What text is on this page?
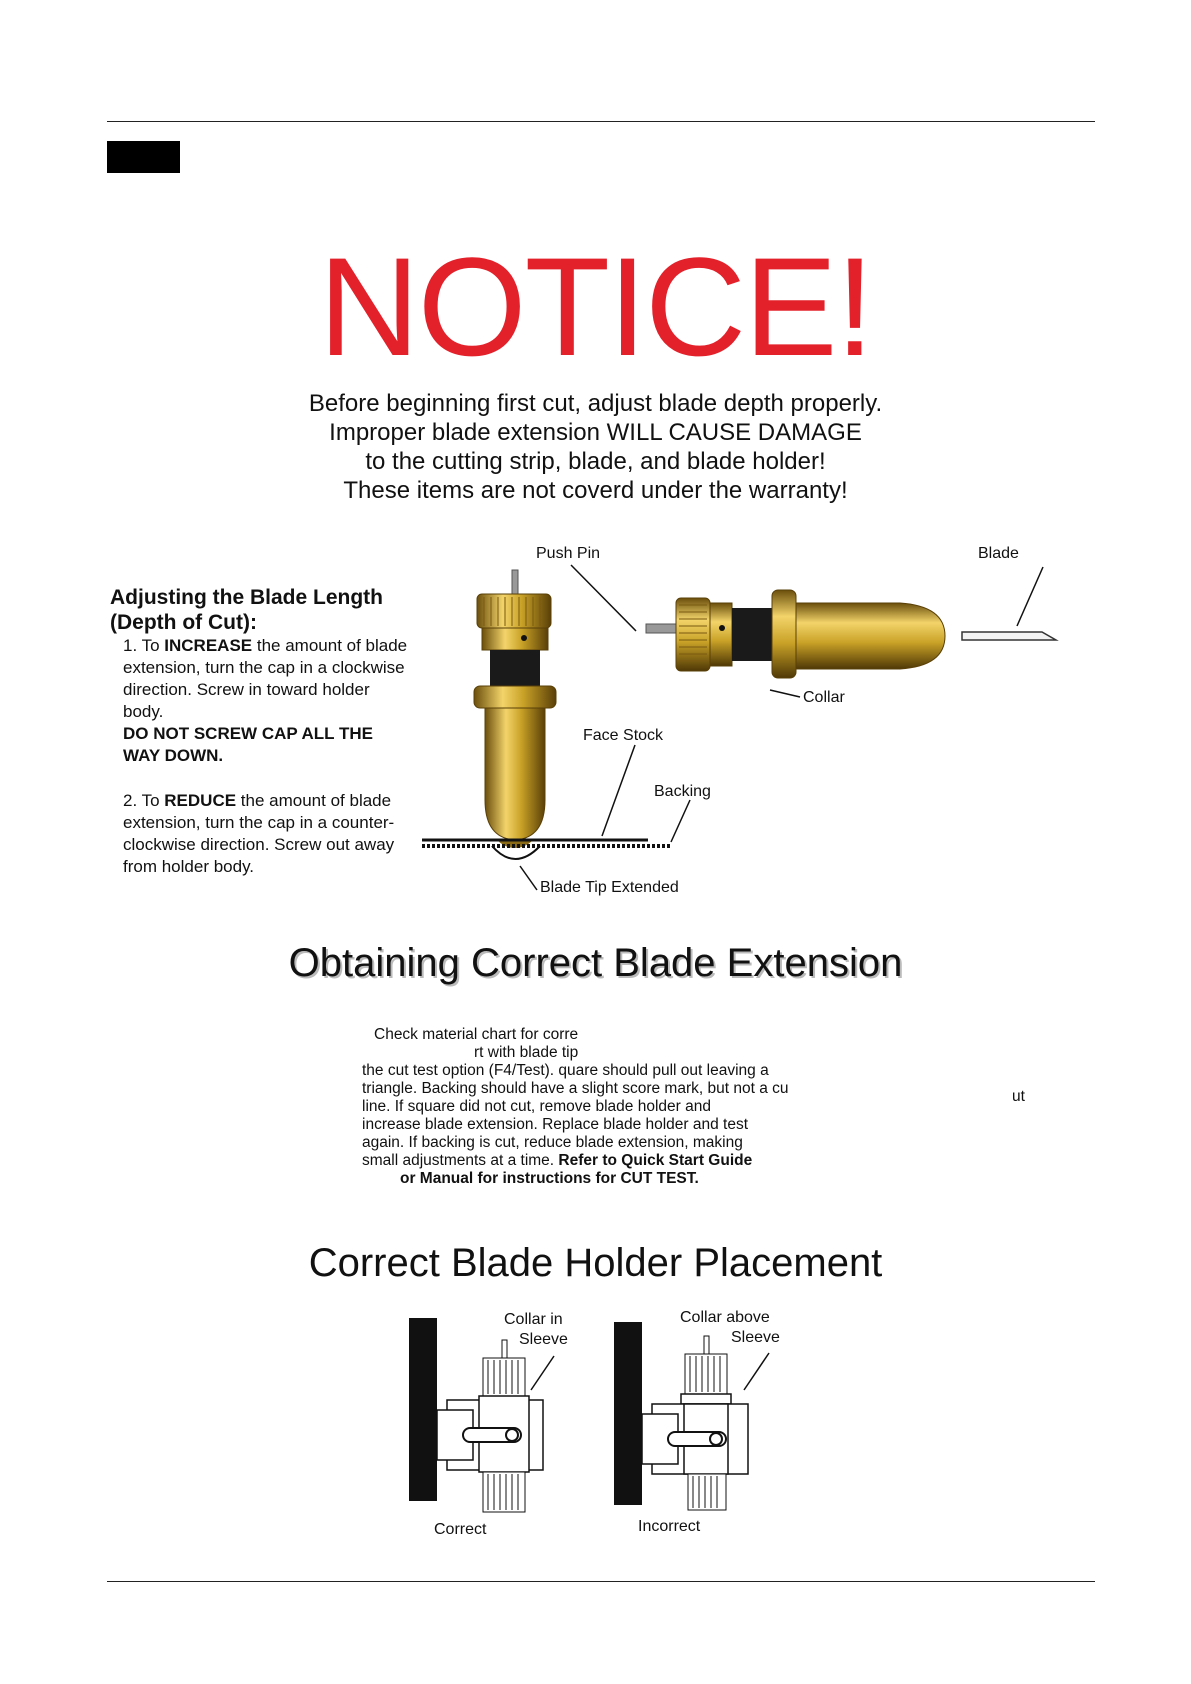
NOTICE!
Before beginning first cut, adjust blade depth properly.
Improper blade extension WILL CAUSE DAMAGE
to the cutting strip, blade, and blade holder!
These items are not coverd under the warranty!
Adjusting the Blade Length
(Depth of Cut):
1. To INCREASE the amount of blade extension, turn the cap in a clockwise direction. Screw in toward holder body.
DO NOT SCREW CAP ALL THE WAY DOWN.
2. To REDUCE the amount of blade extension, turn the cap in a counter-clockwise direction. Screw out away from holder body.
Push Pin	Blade
Collar
Face Stock
Backing
Blade Tip Extended
Obtaining Correct Blade Extension
Check material chart for corre
rt with blade tip
the cut test option (F4/Test). quare should pull out leaving a
triangle. Backing should have a slight score mark, but not a cu
line. If square did not cut, remove blade holder and
increase blade extension. Replace blade holder and test
again. If backing is cut, reduce blade extension, making
small adjustments at a time. Refer to Quick Start Guide
or Manual for instructions for CUT TEST.
ut
Correct Blade Holder Placement
Collar in
Sleeve
Correct
Collar above
Sleeve
Incorrect
